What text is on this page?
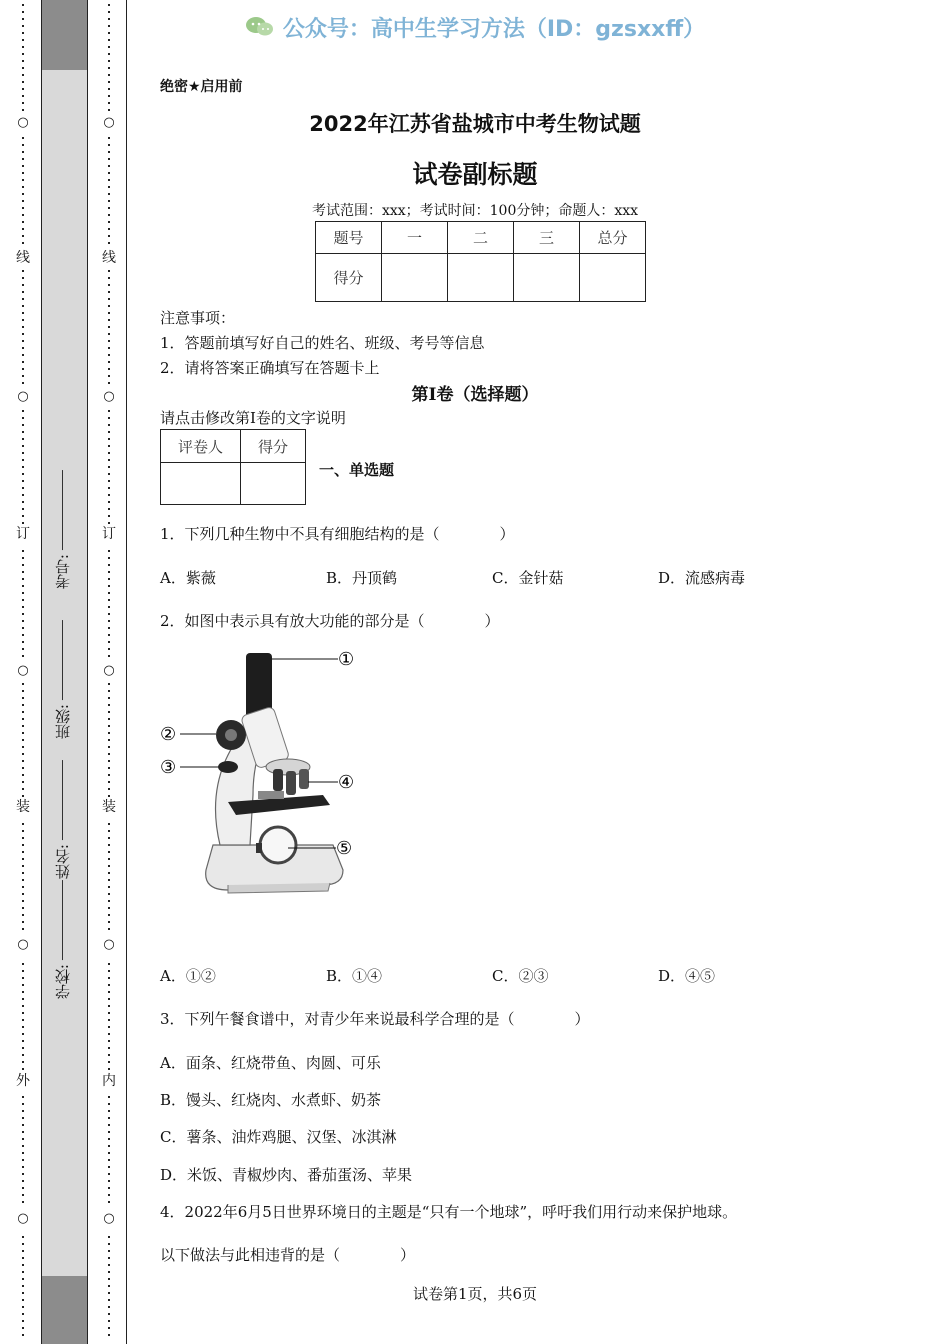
○
线
○
订
○
装
○
外
○
○
线
○
订
○
装
○
内
○
学校:
姓名:
班级:
考号:
公众号：高中生学习方法（ID：gzsxxff）
绝密★启用前
2022年江苏省盐城市中考生物试题
试卷副标题
考试范围：xxx；考试时间：100分钟；命题人：xxx
题号	一	二	三	总分
得分				
注意事项：
1．答题前填写好自己的姓名、班级、考号等信息
2．请将答案正确填写在答题卡上
第I卷（选择题）
请点击修改第I卷的文字说明
评卷人	得分

一、单选题
1．下列几种生物中不具有细胞结构的是（　　　　）
A．紫薇	B．丹顶鹤	C．金针菇	D．流感病毒
2．如图中表示具有放大功能的部分是（　　　　）
①
②
③
④
⑤
A．①②	B．①④	C．②③	D．④⑤
3．下列午餐食谱中，对青少年来说最科学合理的是（　　　　）
A．面条、红烧带鱼、肉圆、可乐
B．馒头、红烧肉、水煮虾、奶茶
C．薯条、油炸鸡腿、汉堡、冰淇淋
D．米饭、青椒炒肉、番茄蛋汤、苹果
4．2022年6月5日世界环境日的主题是“只有一个地球”，呼吁我们用行动来保护地球。
以下做法与此相违背的是（　　　　）
试卷第1页，共6页
